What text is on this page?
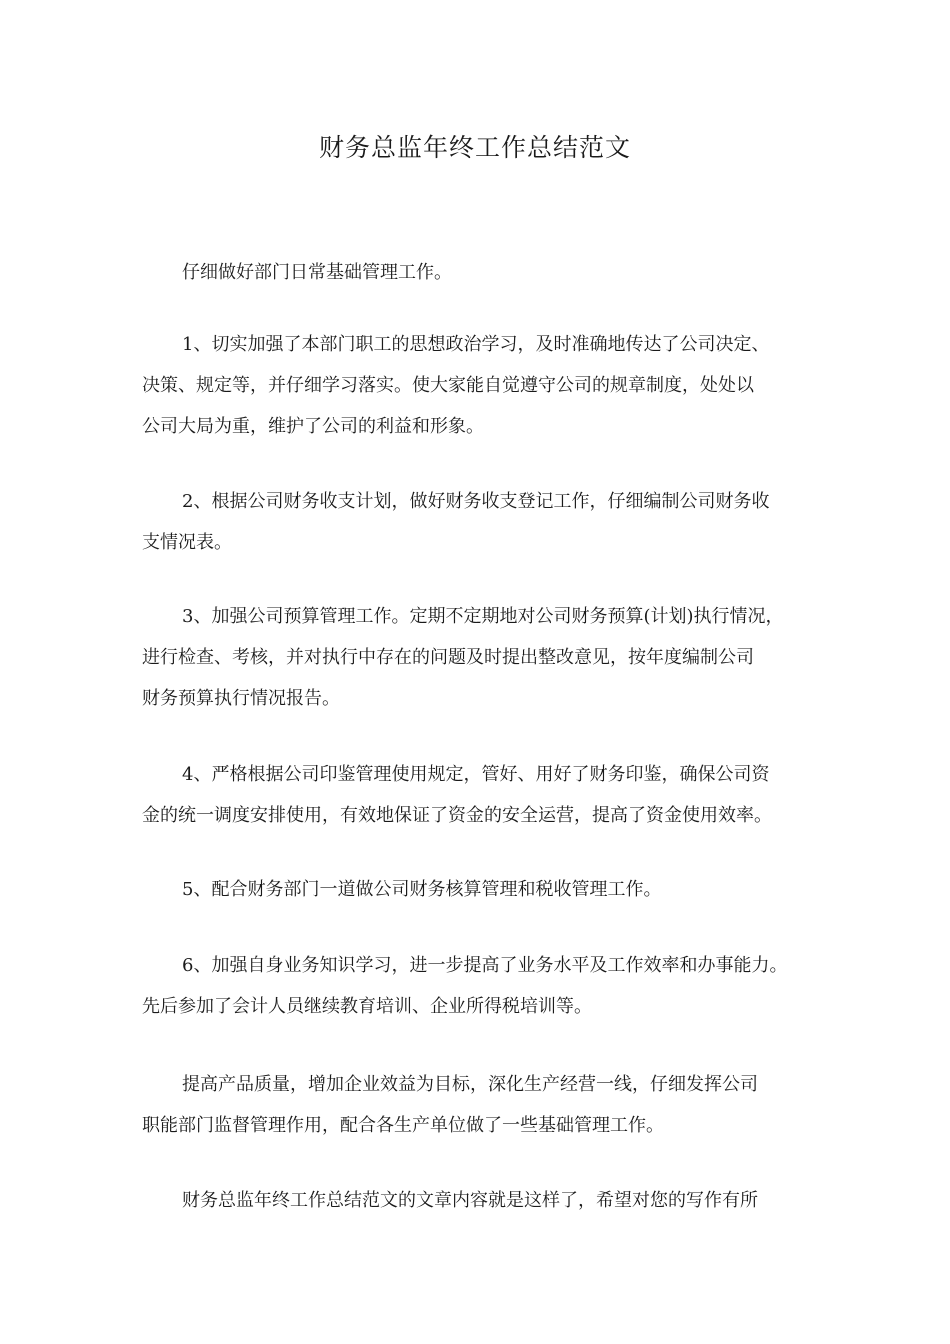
财务总监年终工作总结范文
仔细做好部门日常基础管理工作。
1、切实加强了本部门职工的思想政治学习，及时准确地传达了公司决定、
决策、规定等，并仔细学习落实。使大家能自觉遵守公司的规章制度，处处以
公司大局为重，维护了公司的利益和形象。
2、根据公司财务收支计划，做好财务收支登记工作，仔细编制公司财务收
支情况表。
3、加强公司预算管理工作。定期不定期地对公司财务预算(计划)执行情况，
进行检查、考核，并对执行中存在的问题及时提出整改意见，按年度编制公司
财务预算执行情况报告。
4、严格根据公司印鉴管理使用规定，管好、用好了财务印鉴，确保公司资
金的统一调度安排使用，有效地保证了资金的安全运营，提高了资金使用效率。
5、配合财务部门一道做公司财务核算管理和税收管理工作。
6、加强自身业务知识学习，进一步提高了业务水平及工作效率和办事能力。
先后参加了会计人员继续教育培训、企业所得税培训等。
提高产品质量，增加企业效益为目标，深化生产经营一线，仔细发挥公司
职能部门监督管理作用，配合各生产单位做了一些基础管理工作。
财务总监年终工作总结范文的文章内容就是这样了，希望对您的写作有所
